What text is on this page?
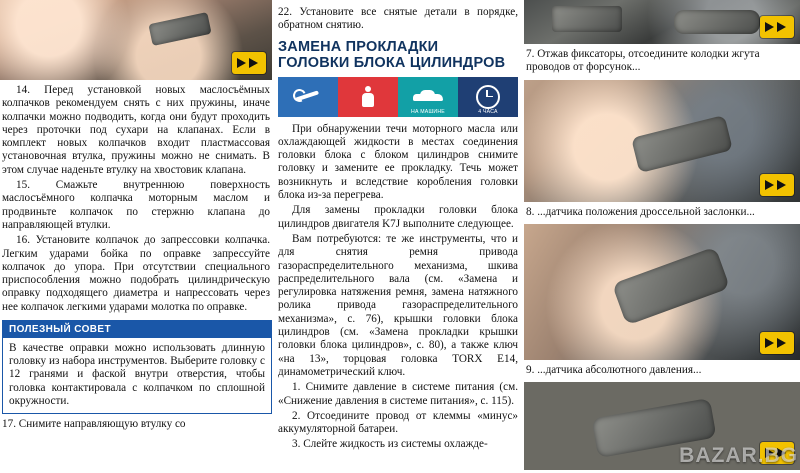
14. Перед установкой новых маслосъёмных колпачков рекомендуем снять с них пружины, иначе колпачки можно подводить, когда они будут проходить через проточки под сухари на клапанах. Если в комплект новых колпачков входит пластмассовая установочная втулка, пружины можно не снимать. В этом случае наденьте втулку на хвостовик клапана.

15. Смажьте внутреннюю поверхность маслосъёмного колпачка моторным маслом и продвиньте колпачок по стержню клапана до направляющей втулки.

16. Установите колпачок до запрессовки колпачка. Легким ударами бойка по оправке запрессуйте колпачок до упора. При отсутствии специального приспособления можно подобрать цилиндрическую оправку подходящего диаметра и напрессовать через нее колпачок легкими ударами молотка по оправке.

ПОЛЕЗНЫЙ СОВЕТ

В качестве оправки можно использовать длинную головку из набора инструментов. Выберите головку с 12 гранями и фаской внутри отверстия, чтобы головка контактировала с колпачком по сплошной окружности.

17. Снимите направляющую втулку со

22. Установите все снятые детали в порядке, обратном снятию.

ЗАМЕНА ПРОКЛАДКИ
ГОЛОВКИ БЛОКА ЦИЛИНДРОВ
НА МАШИНЕ	4 ЧАСА

При обнаружении течи моторного масла или охлаждающей жидкости в местах соединения головки блока с блоком цилиндров снимите головку и замените ее прокладку. Течь может возникнуть и вследствие коробления головки блока из-за перегрева.

Для замены прокладки головки блока цилиндров двигателя K7J выполните следующее.

Вам потребуются: те же инструменты, что и для снятия ремня привода газораспределительного механизма, шкива распределительного вала (см. «Замена и регулировка натяжения ремня, замена натяжного ролика привода газораспределительного механизма», с. 76), крышки головки блока цилиндров (см. «Замена прокладки крышки головки блока цилиндров», с. 80), а также ключ «на 13», торцовая головка TORX E14, динамометрический ключ.

1. Снимите давление в системе питания (см. «Снижение давления в системе питания», с. 115).

2. Отсоедините провод от клеммы «минус» аккумуляторной батареи.

3. Слейте жидкость из системы охлажде-

7. Отжав фиксаторы, отсоедините колодки жгута проводов от форсунок...
8. ...датчика положения дроссельной заслонки...
9. ...датчика абсолютного давления...
BAZAR.BG
